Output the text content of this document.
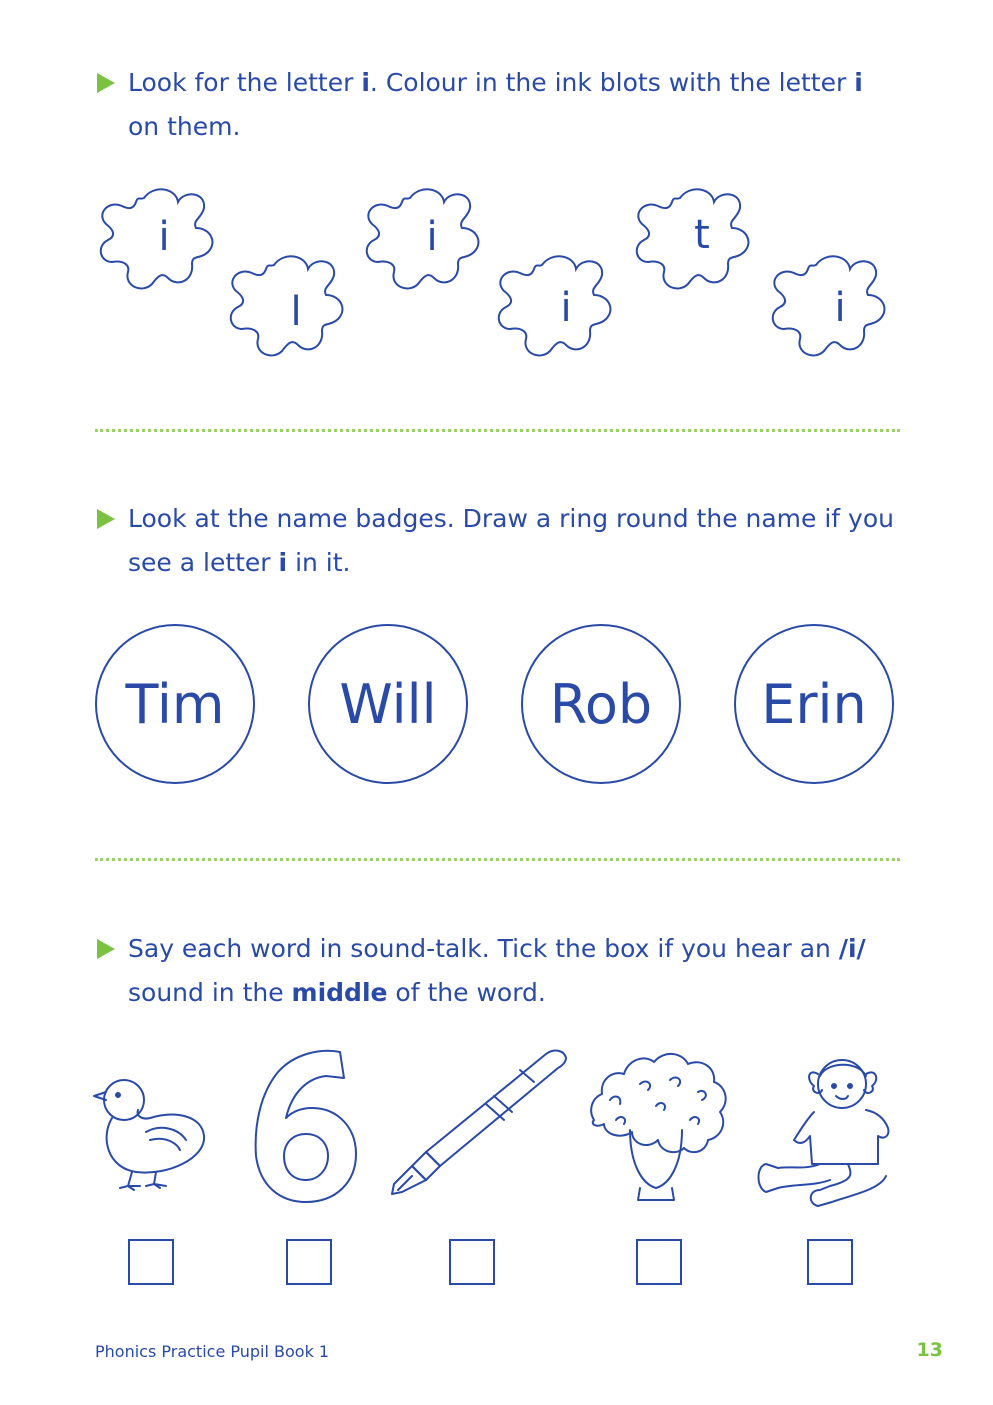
Look for the letter i. Colour in the ink blots with the letter i
on them.
i
l
i
i
t
i
Look at the name badges. Draw a ring round the name if you
see a letter i in it.
Tim Will Rob Erin
Say each word in sound-talk. Tick the box if you hear an /i/
sound in the middle of the word.
Phonics Practice Pupil Book 1	13
